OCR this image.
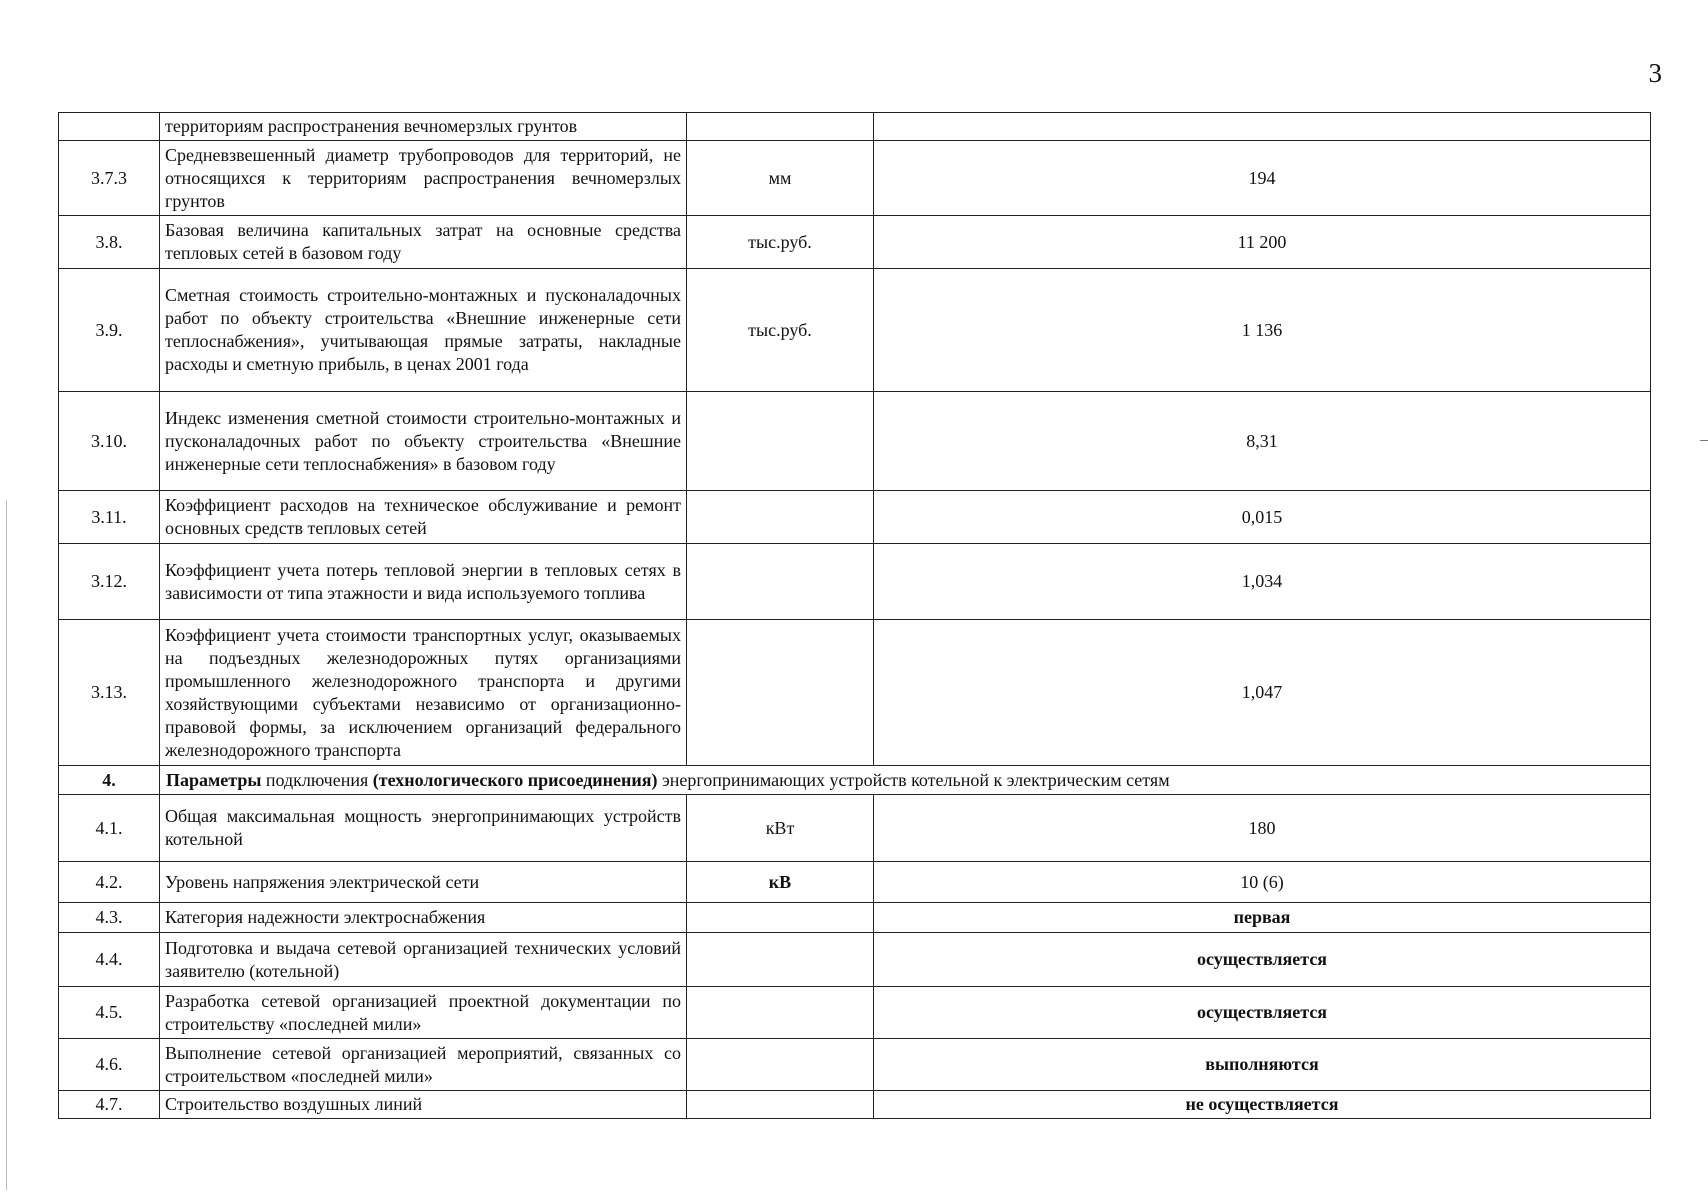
3
	территориям распространения вечномерзлых грунтов		
3.7.3	Средневзвешенный диаметр трубопроводов для территорий, не относящихся к территориям распространения вечномерзлых грунтов	мм	194
3.8.	Базовая величина капитальных затрат на основные средства тепловых сетей в базовом году	тыс.руб.	11 200
3.9.	Сметная стоимость строительно-монтажных и пусконаладочных работ по объекту строительства «Внешние инженерные сети теплоснабжения», учитывающая прямые затраты, накладные расходы и сметную прибыль, в ценах 2001 года	тыс.руб.	1 136
3.10.	Индекс изменения сметной стоимости строительно-монтажных и пусконаладочных работ по объекту строительства «Внешние инженерные сети теплоснабжения» в базовом году		8,31
3.11.	Коэффициент расходов на техническое обслуживание и ремонт основных средств тепловых сетей		0,015
3.12.	Коэффициент учета потерь тепловой энергии в тепловых сетях в зависимости от типа этажности и вида используемого топлива		1,034
3.13.	Коэффициент учета стоимости транспортных услуг, оказываемых на подъездных железнодорожных путях организациями промышленного железнодорожного транспорта и другими хозяйствующими субъектами независимо от организационно-правовой формы, за исключением организаций федерального железнодорожного транспорта		1,047
4.	Параметры подключения (технологического присоединения) энергопринимающих устройств котельной к электрическим сетям		
4.1.	Общая максимальная мощность энергопринимающих устройств котельной	кВт	180
4.2.	Уровень напряжения электрической сети	кВ	10 (6)
4.3.	Категория надежности электроснабжения		первая
4.4.	Подготовка и выдача сетевой организацией технических условий заявителю (котельной)		осуществляется
4.5.	Разработка сетевой организацией проектной документации по строительству «последней мили»		осуществляется
4.6.	Выполнение сетевой организацией мероприятий, связанных со строительством «последней мили»		выполняются
4.7.	Строительство воздушных линий		не осуществляется
